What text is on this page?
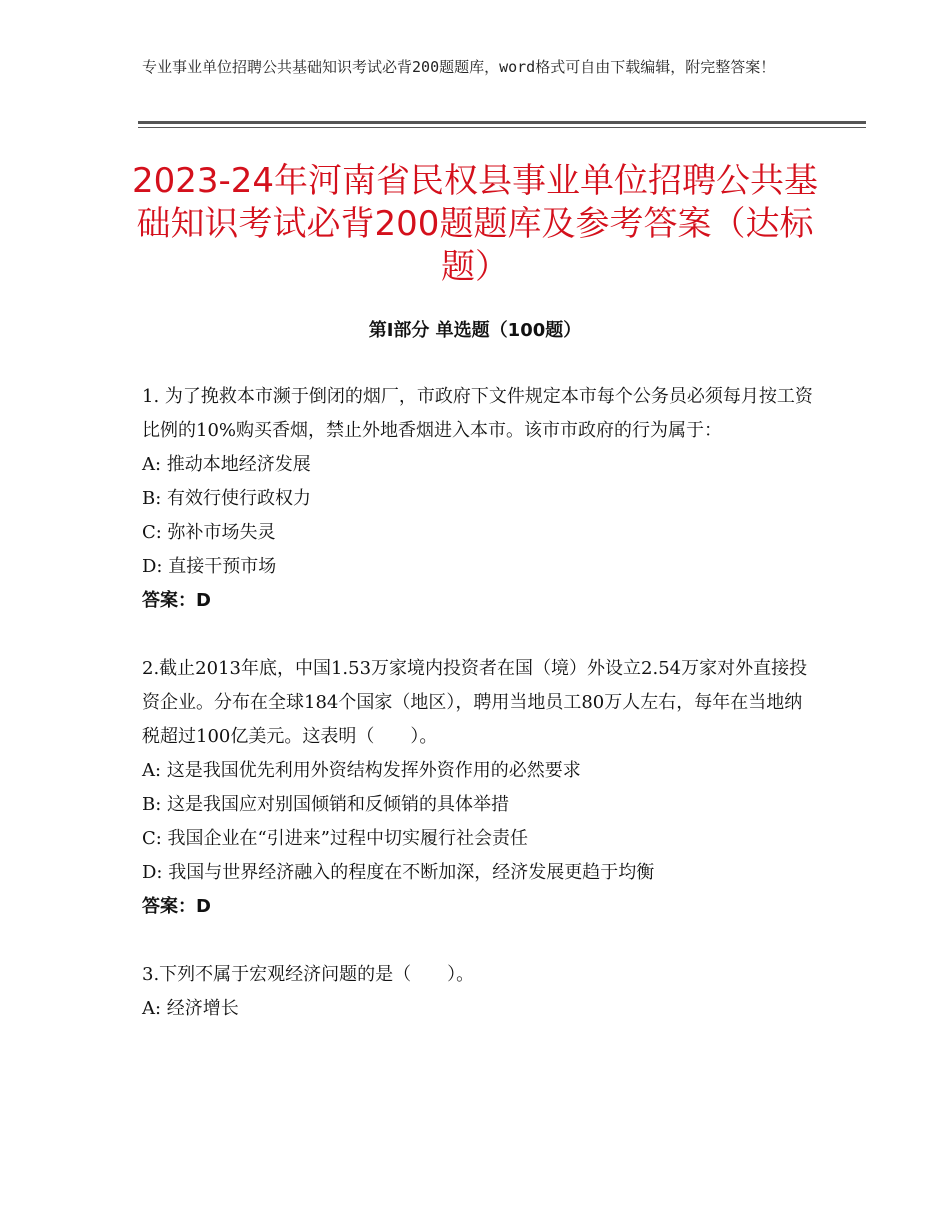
专业事业单位招聘公共基础知识考试必背200题题库，word格式可自由下载编辑，附完整答案！
2023-24年河南省民权县事业单位招聘公共基础知识考试必背200题题库及参考答案（达标题）
第Ⅰ部分 单选题（100题）

1. 为了挽救本市濒于倒闭的烟厂，市政府下文件规定本市每个公务员必须每月按工资比例的10%购买香烟，禁止外地香烟进入本市。该市市政府的行为属于：

A: 推动本地经济发展

B: 有效行使行政权力

C: 弥补市场失灵

D: 直接干预市场

答案：D

2.截止2013年底，中国1.53万家境内投资者在国（境）外设立2.54万家对外直接投资企业。分布在全球184个国家（地区），聘用当地员工80万人左右，每年在当地纳税超过100亿美元。这表明（　　）。

A: 这是我国优先利用外资结构发挥外资作用的必然要求

B: 这是我国应对别国倾销和反倾销的具体举措

C: 我国企业在“引进来”过程中切实履行社会责任

D: 我国与世界经济融入的程度在不断加深，经济发展更趋于均衡

答案：D

3.下列不属于宏观经济问题的是（　　）。

A: 经济增长
